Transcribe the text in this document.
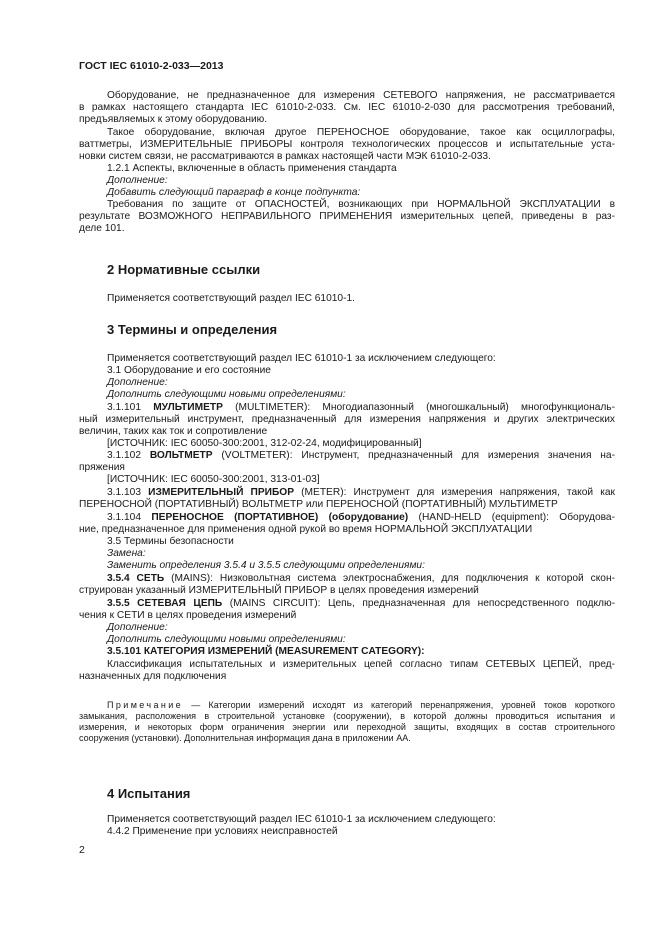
ГОСТ IEC 61010-2-033—2013
Оборудование, не предназначенное для измерения СЕТЕВОГО напряжения, не рассматривается
в рамках настоящего стандарта IEC 61010-2-033. См. IEC 61010-2-030 для рассмотрения требований,
предъявляемых к этому оборудованию.
Такое оборудование, включая другое ПЕРЕНОСНОЕ оборудование, такое как осциллографы,
ваттметры, ИЗМЕРИТЕЛЬНЫЕ ПРИБОРЫ контроля технологических процессов и испытательные уста-
новки систем связи, не рассматриваются в рамках настоящей части МЭК 61010-2-033.
1.2.1 Аспекты, включенные в область применения стандарта
Дополнение:
Добавить следующий параграф в конце подпункта:
Требования по защите от ОПАСНОСТЕЙ, возникающих при НОРМАЛЬНОЙ ЭКСПЛУАТАЦИИ в
результате ВОЗМОЖНОГО НЕПРАВИЛЬНОГО ПРИМЕНЕНИЯ измерительных цепей, приведены в раз-
деле 101.
2 Нормативные ссылки
Применяется соответствующий раздел IEC 61010-1.
3 Термины и определения
Применяется соответствующий раздел IEC 61010-1 за исключением следующего:
3.1 Оборудование и его состояние
Дополнение:
Дополнить следующими новыми определениями:
3.1.101 МУЛЬТИМЕТР (MULTIMETER): Многодиапазонный (многошкальный) многофункциональ-
ный измерительный инструмент, предназначенный для измерения напряжения и других электрических
величин, таких как ток и сопротивление
[ИСТОЧНИК: IEC 60050-300:2001, 312-02-24, модифицированный]
3.1.102 ВОЛЬТМЕТР (VOLTMETER): Инструмент, предназначенный для измерения значения на-
пряжения
[ИСТОЧНИК: IEC 60050-300:2001, 313-01-03]
3.1.103 ИЗМЕРИТЕЛЬНЫЙ ПРИБОР (METER): Инструмент для измерения напряжения, такой как
ПЕРЕНОСНОЙ (ПОРТАТИВНЫЙ) ВОЛЬТМЕТР или ПЕРЕНОСНОЙ (ПОРТАТИВНЫЙ) МУЛЬТИМЕТР
3.1.104 ПЕРЕНОСНОЕ (ПОРТАТИВНОЕ) (оборудование) (HAND-HELD (equipment): Оборудова-
ние, предназначенное для применения одной рукой во время НОРМАЛЬНОЙ ЭКСПЛУАТАЦИИ
3.5 Термины безопасности
Замена:
Заменить определения 3.5.4 и 3.5.5 следующими определениями:
3.5.4 СЕТЬ (MAINS): Низковольтная система электроснабжения, для подключения к которой скон-
струирован указанный ИЗМЕРИТЕЛЬНЫЙ ПРИБОР в целях проведения измерений
3.5.5 СЕТЕВАЯ ЦЕПЬ (MAINS CIRCUIT): Цепь, предназначенная для непосредственного подклю-
чения к СЕТИ в целях проведения измерений
Дополнение:
Дополнить следующими новыми определениями:
3.5.101 КАТЕГОРИЯ ИЗМЕРЕНИЙ (MEASUREMENT CATEGORY):
Классификация испытательных и измерительных цепей согласно типам СЕТЕВЫХ ЦЕПЕЙ, пред-
назначенных для подключения
Примечание — Категории измерений исходят из категорий перенапряжения, уровней токов короткого
замыкания, расположения в строительной установке (сооружении), в которой должны проводиться испытания и
измерения, и некоторых форм ограничения энергии или переходной защиты, входящих в состав строительного
сооружения (установки). Дополнительная информация дана в приложении АА.
4 Испытания
Применяется соответствующий раздел IEC 61010-1 за исключением следующего:
4.4.2 Применение при условиях неисправностей
2
